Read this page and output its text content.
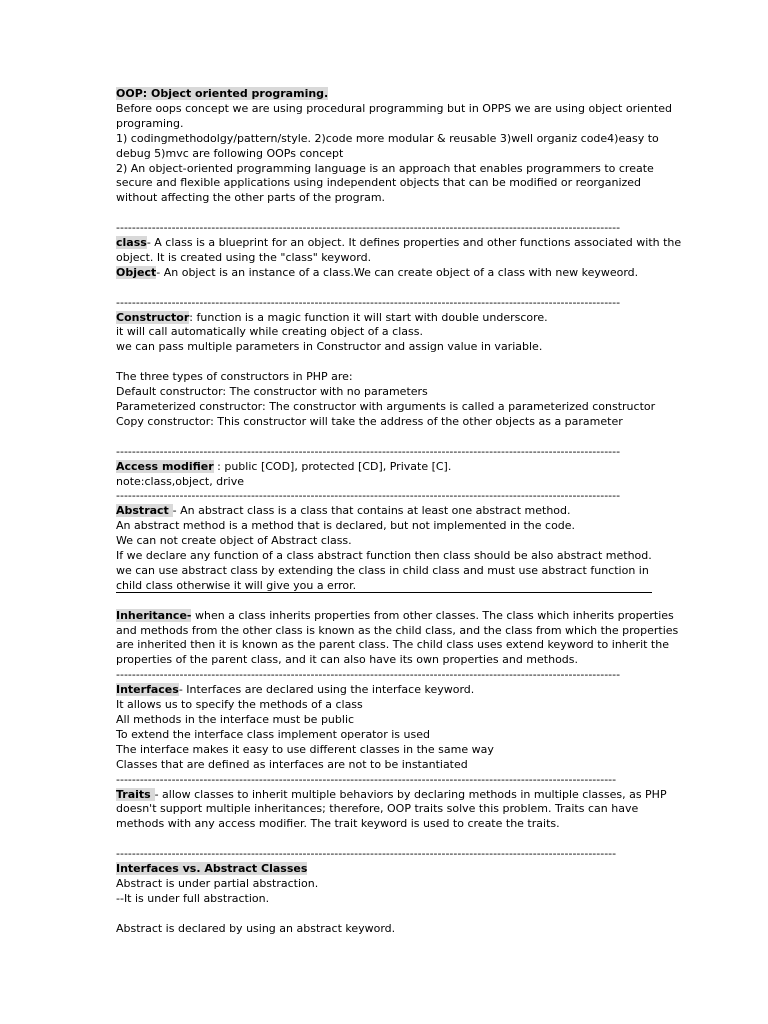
OOP: Object oriented programing.

Before oops concept we are using procedural programming but in OPPS we are using object oriented

programing.

1) codingmethodolgy/pattern/style. 2)code more modular & reusable 3)well organiz code4)easy to

debug 5)mvc are following OOPs concept

2) An object-oriented programming language is an approach that enables programmers to create

secure and flexible applications using independent objects that can be modified or reorganized

without affecting the other parts of the program.

-------------------------------------------------------------------------------------------------------------------------------

class- A class is a blueprint for an object. It defines properties and other functions associated with the

object. It is created using the "class" keyword.

Object- An object is an instance of a class.We can create object of a class with new keyweord.

-------------------------------------------------------------------------------------------------------------------------------

Constructor: function is a magic function it will start with double underscore.

it will call automatically while creating object of a class.

we can pass multiple parameters in Constructor and assign value in variable.

The three types of constructors in PHP are:

Default constructor: The constructor with no parameters

Parameterized constructor: The constructor with arguments is called a parameterized constructor

Copy constructor: This constructor will take the address of the other objects as a parameter

-------------------------------------------------------------------------------------------------------------------------------

Access modifier : public [COD], protected [CD], Private [C].

note:class,object, drive

-------------------------------------------------------------------------------------------------------------------------------

Abstract - An abstract class is a class that contains at least one abstract method.

An abstract method is a method that is declared, but not implemented in the code.

We can not create object of Abstract class.

If we declare any function of a class abstract function then class should be also abstract method.

we can use abstract class by extending the class in child class and must use abstract function in

child class otherwise it will give you a error.

Inheritance- when a class inherits properties from other classes. The class which inherits properties

and methods from the other class is known as the child class, and the class from which the properties

are inherited then it is known as the parent class. The child class uses extend keyword to inherit the

properties of the parent class, and it can also have its own properties and methods.

-------------------------------------------------------------------------------------------------------------------------------

Interfaces- Interfaces are declared using the interface keyword.

It allows us to specify the methods of a class

All methods in the interface must be public

To extend the interface class implement operator is used

The interface makes it easy to use different classes in the same way

Classes that are defined as interfaces are not to be instantiated

------------------------------------------------------------------------------------------------------------------------------

Traits - allow classes to inherit multiple behaviors by declaring methods in multiple classes, as PHP

doesn't support multiple inheritances; therefore, OOP traits solve this problem. Traits can have

methods with any access modifier. The trait keyword is used to create the traits.

------------------------------------------------------------------------------------------------------------------------------

Interfaces vs. Abstract Classes

Abstract is under partial abstraction.

--It is under full abstraction.

Abstract is declared by using an abstract keyword.
